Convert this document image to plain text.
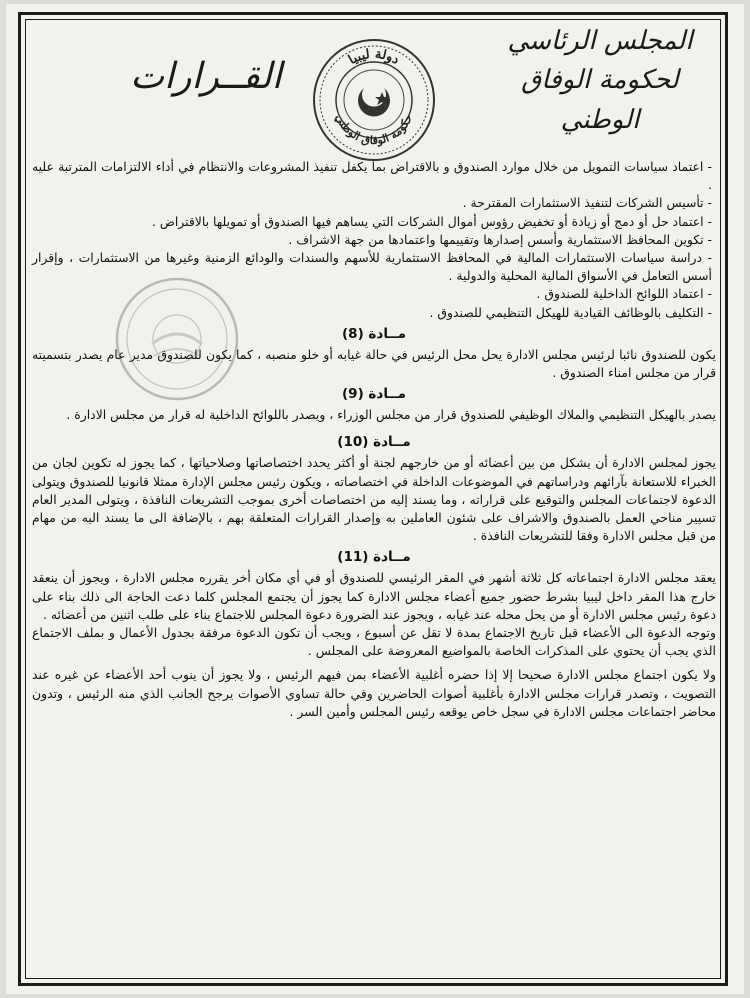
المجلس الرئاسي
لحكومة الوفاق الوطني
القــرارات	دولة ليبيا
حكومة الوفاق الوطني

- اعتماد سياسات التمويل من خلال موارد الصندوق و بالاقتراض بما يكفل تنفيذ المشروعات والانتظام في أداء الالتزامات المترتبة عليه .

- تأسيس الشركات لتنفيذ الاستثمارات المقترحة .

- اعتماد حل أو دمج أو زيادة أو تخفيض رؤوس أموال الشركات التي يساهم فيها الصندوق أو تمويلها بالاقتراض .

- تكوين المحافظ الاستثمارية وأسس إصدارها وتقييمها واعتمادها من جهة الاشراف .

- دراسة سياسات الاستثمارات المالية في المحافظ الاستثمارية للأسهم والسندات والودائع الزمنية وغيرها من الاستثمارات ، وإقرار أسس التعامل في الأسواق المالية المحلية والدولية .

- اعتماد اللوائح الداخلية للصندوق .

- التكليف بالوظائف القيادية للهيكل التنظيمي للصندوق .

مــادة (8)

يكون للصندوق نائبا لرئيس مجلس الادارة يحل محل الرئيس في حالة غيابه أو خلو منصبه ، كما يكون للصندوق مدير عام يصدر بتسميته قرار من مجلس امناء الصندوق .

مــادة (9)

يصدر بالهيكل التنظيمي والملاك الوظيفي للصندوق قرار من مجلس الوزراء ، ويصدر باللوائح الداخلية له قرار من مجلس الادارة .

مــادة (10)

يجوز لمجلس الادارة أن يشكل من بين أعضائه أو من خارجهم لجنة أو أكثر يحدد اختصاصاتها وصلاحياتها ، كما يجوز له تكوين لجان من الخبراء للاستعانة بآرائهم ودراساتهم في الموضوعات الداخلة في اختصاصاته ، ويكون رئيس مجلس الإدارة ممثلا قانونيا للصندوق ويتولى الدعوة لاجتماعات المجلس والتوقيع على قراراته ، وما يسند إليه من اختصاصات أخرى بموجب التشريعات النافذة ، ويتولى المدير العام تسيير مناحي العمل بالصندوق والاشراف على شئون العاملين به وإصدار القرارات المتعلقة بهم ، بالإضافة الى ما يسند اليه من مهام من قبل مجلس الادارة وفقا للتشريعات النافذة .

مــادة (11)

يعقد مجلس الادارة اجتماعاته كل ثلاثة أشهر في المقر الرئيسي للصندوق أو في أي مكان أخر يقرره مجلس الادارة ، ويجوز أن ينعقد خارج هذا المقر داخل ليبيا بشرط حضور جميع أعضاء مجلس الادارة كما يجوز أن يجتمع المجلس كلما دعت الحاجة الى ذلك بناء على دعوة رئيس مجلس الادارة أو من يحل محله عند غيابه ، ويجوز عند الضرورة دعوة المجلس للاجتماع بناء على طلب اثنين من أعضائه .

وتوجه الدعوة الى الأعضاء قبل تاريخ الاجتماع بمدة لا تقل عن أسبوع ، ويجب أن تكون الدعوة مرفقة بجدول الأعمال و بملف الاجتماع الذي يجب أن يحتوي على المذكرات الخاصة بالمواضيع المعروضة على المجلس .

ولا يكون اجتماع مجلس الادارة صحيحا إلا إذا حضره أغلبية الأعضاء بمن فيهم الرئيس ، ولا يجوز أن ينوب أحد الأعضاء عن غيره عند التصويت ، وتصدر قرارات مجلس الادارة بأغلبية أصوات الحاضرين وفي حالة تساوي الأصوات يرجح الجانب الذي منه الرئيس ، وتدون محاضر اجتماعات مجلس الادارة في سجل خاص يوقعه رئيس المجلس وأمين السر .
